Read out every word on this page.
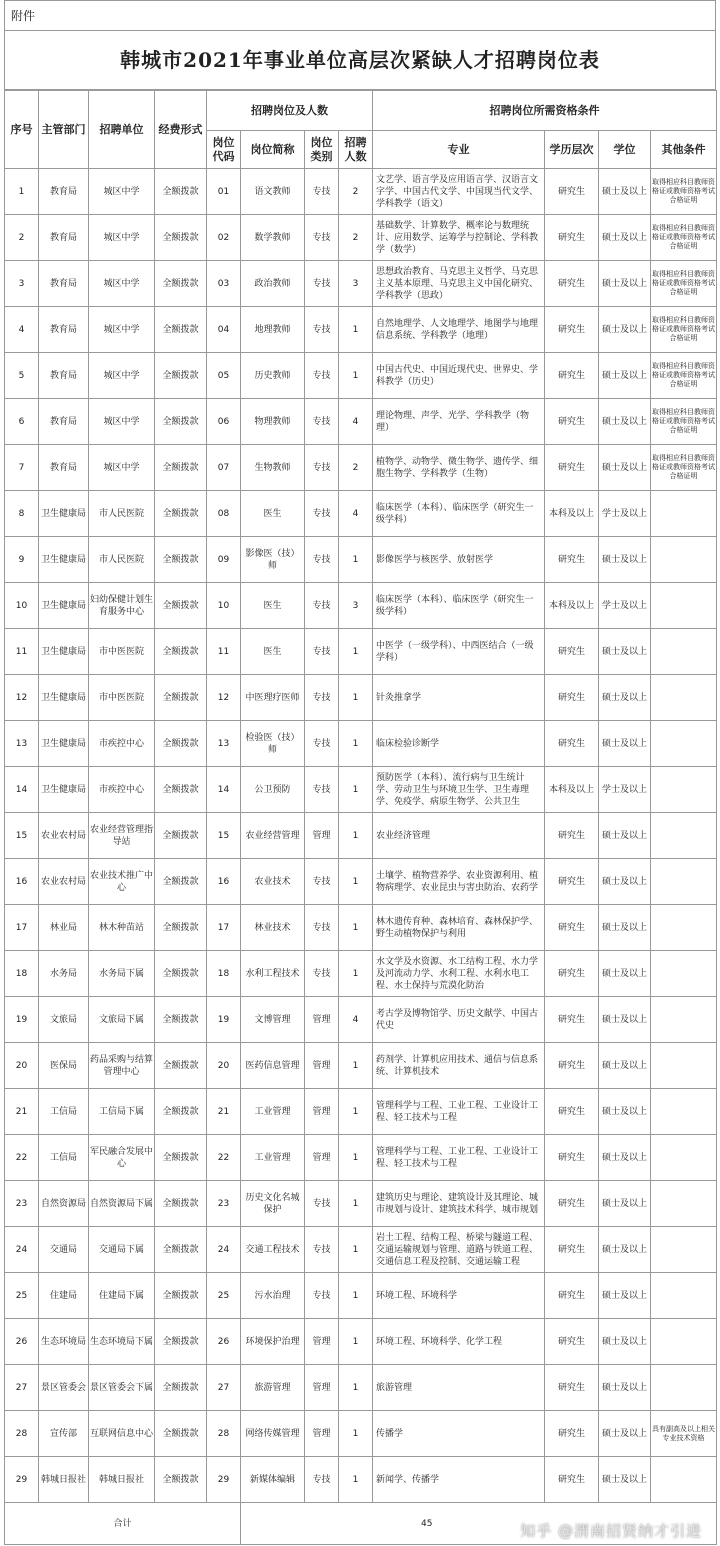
附件
韩城市2021年事业单位高层次紧缺人才招聘岗位表
序号	主管部门	招聘单位	经费形式	招聘岗位及人数				招聘岗位所需资格条件			
				岗位代码	岗位简称	岗位类别	招聘人数	专业	学历层次	学位	其他条件
1	教育局	城区中学	全额拨款	01	语文教师	专技	2	文艺学、语言学及应用语言学、汉语言文字学、中国古代文学、中国现当代文学、学科教学（语文）	研究生	硕士及以上	取得相应科目教师资格证或教师资格考试合格证明
2	教育局	城区中学	全额拨款	02	数学教师	专技	2	基础数学、计算数学、概率论与数理统计、应用数学、运筹学与控制论、学科教学（数学）	研究生	硕士及以上	取得相应科目教师资格证或教师资格考试合格证明
3	教育局	城区中学	全额拨款	03	政治教师	专技	3	思想政治教育、马克思主义哲学、马克思主义基本原理、马克思主义中国化研究、学科教学（思政）	研究生	硕士及以上	取得相应科目教师资格证或教师资格考试合格证明
4	教育局	城区中学	全额拨款	04	地理教师	专技	1	自然地理学、人文地理学、地图学与地理信息系统、学科教学（地理）	研究生	硕士及以上	取得相应科目教师资格证或教师资格考试合格证明
5	教育局	城区中学	全额拨款	05	历史教师	专技	1	中国古代史、中国近现代史、世界史、学科教学（历史）	研究生	硕士及以上	取得相应科目教师资格证或教师资格考试合格证明
6	教育局	城区中学	全额拨款	06	物理教师	专技	4	理论物理、声学、光学、学科教学（物理）	研究生	硕士及以上	取得相应科目教师资格证或教师资格考试合格证明
7	教育局	城区中学	全额拨款	07	生物教师	专技	2	植物学、动物学、微生物学、遗传学、细胞生物学、学科教学（生物）	研究生	硕士及以上	取得相应科目教师资格证或教师资格考试合格证明
8	卫生健康局	市人民医院	全额拨款	08	医生	专技	4	临床医学（本科）、临床医学（研究生一级学科）	本科及以上	学士及以上	
9	卫生健康局	市人民医院	全额拨款	09	影像医（技）师	专技	1	影像医学与核医学、放射医学	研究生	硕士及以上	
10	卫生健康局	妇幼保健计划生育服务中心	全额拨款	10	医生	专技	3	临床医学（本科）、临床医学（研究生一级学科）	本科及以上	学士及以上	
11	卫生健康局	市中医医院	全额拨款	11	医生	专技	1	中医学（一级学科）、中西医结合（一级学科）	研究生	硕士及以上	
12	卫生健康局	市中医医院	全额拨款	12	中医理疗医师	专技	1	针灸推拿学	研究生	硕士及以上	
13	卫生健康局	市疾控中心	全额拨款	13	检验医（技）师	专技	1	临床检验诊断学	研究生	硕士及以上	
14	卫生健康局	市疾控中心	全额拨款	14	公卫预防	专技	1	预防医学（本科）、流行病与卫生统计学、劳动卫生与环境卫生学、卫生毒理学、免疫学、病原生物学、公共卫生	本科及以上	学士及以上	
15	农业农村局	农业经营管理指导站	全额拨款	15	农业经营管理	管理	1	农业经济管理	研究生	硕士及以上	
16	农业农村局	农业技术推广中心	全额拨款	16	农业技术	专技	1	土壤学、植物营养学、农业资源利用、植物病理学、农业昆虫与害虫防治、农药学	研究生	硕士及以上	
17	林业局	林木种苗站	全额拨款	17	林业技术	专技	1	林木遗传育种、森林培育、森林保护学、野生动植物保护与利用	研究生	硕士及以上	
18	水务局	水务局下属	全额拨款	18	水利工程技术	专技	1	水文学及水资源、水工结构工程、水力学及河流动力学、水利工程、水利水电工程、水土保持与荒漠化防治	研究生	硕士及以上	
19	文旅局	文旅局下属	全额拨款	19	文博管理	管理	4	考古学及博物馆学、历史文献学、中国古代史	研究生	硕士及以上	
20	医保局	药品采购与结算管理中心	全额拨款	20	医药信息管理	管理	1	药剂学、计算机应用技术、通信与信息系统、计算机技术	研究生	硕士及以上	
21	工信局	工信局下属	全额拨款	21	工业管理	管理	1	管理科学与工程、工业工程、工业设计工程、轻工技术与工程	研究生	硕士及以上	
22	工信局	军民融合发展中心	全额拨款	22	工业管理	管理	1	管理科学与工程、工业工程、工业设计工程、轻工技术与工程	研究生	硕士及以上	
23	自然资源局	自然资源局下属	全额拨款	23	历史文化名城保护	专技	1	建筑历史与理论、建筑设计及其理论、城市规划与设计、建筑技术科学、城市规划	研究生	硕士及以上	
24	交通局	交通局下属	全额拨款	24	交通工程技术	专技	1	岩土工程、结构工程、桥梁与隧道工程、交通运输规划与管理、道路与铁道工程、交通信息工程及控制、交通运输工程	研究生	硕士及以上	
25	住建局	住建局下属	全额拨款	25	污水治理	专技	1	环境工程、环境科学	研究生	硕士及以上	
26	生态环境局	生态环境局下属	全额拨款	26	环境保护治理	管理	1	环境工程、环境科学、化学工程	研究生	硕士及以上	
27	景区管委会	景区管委会下属	全额拨款	27	旅游管理	管理	1	旅游管理	研究生	硕士及以上	
28	宣传部	互联网信息中心	全额拨款	28	网络传媒管理	管理	1	传播学	研究生	硕士及以上	具有副高及以上相关专业技术资格
29	韩城日报社	韩城日报社	全额拨款	29	新媒体编辑	专技	1	新闻学、传播学	研究生	硕士及以上	
合计					45							知乎 @渭南招贤纳才引进
